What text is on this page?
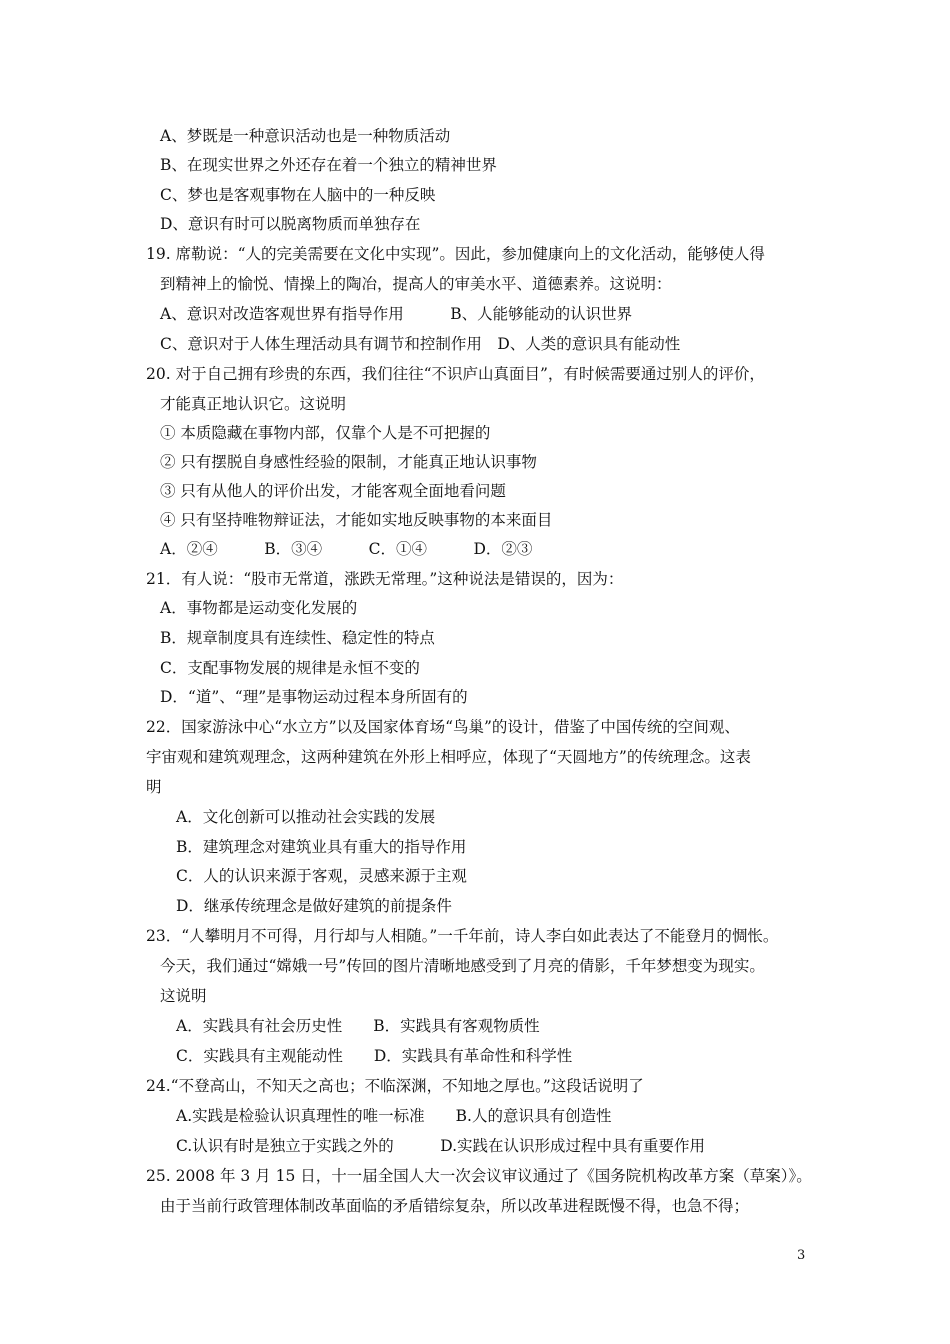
A、梦既是一种意识活动也是一种物质活动
B、在现实世界之外还存在着一个独立的精神世界
C、梦也是客观事物在人脑中的一种反映
D、意识有时可以脱离物质而单独存在
19. 席勒说：“人的完美需要在文化中实现”。因此，参加健康向上的文化活动，能够使人得
到精神上的愉悦、情操上的陶冶，提高人的审美水平、道德素养。这说明：
A、意识对改造客观世界有指导作用　　　B、人能够能动的认识世界
C、意识对于人体生理活动具有调节和控制作用　D、人类的意识具有能动性
20. 对于自己拥有珍贵的东西，我们往往“不识庐山真面目”，有时候需要通过别人的评价，
才能真正地认识它。这说明
① 本质隐藏在事物内部，仅靠个人是不可把握的
② 只有摆脱自身感性经验的限制，才能真正地认识事物
③ 只有从他人的评价出发，才能客观全面地看问题
④ 只有坚持唯物辩证法，才能如实地反映事物的本来面目
A．②④　　　B．③④　　　C．①④　　　D．②③
21．有人说：“股市无常道，涨跌无常理。”这种说法是错误的，因为：
A．事物都是运动变化发展的
B．规章制度具有连续性、稳定性的特点
C．支配事物发展的规律是永恒不变的
D．“道”、“理”是事物运动过程本身所固有的
22．国家游泳中心“水立方”以及国家体育场“鸟巢”的设计，借鉴了中国传统的空间观、
宇宙观和建筑观理念，这两种建筑在外形上相呼应，体现了“天圆地方”的传统理念。这表
明
A．文化创新可以推动社会实践的发展
B．建筑理念对建筑业具有重大的指导作用
C．人的认识来源于客观，灵感来源于主观
D．继承传统理念是做好建筑的前提条件
23．“人攀明月不可得，月行却与人相随。”一千年前，诗人李白如此表达了不能登月的惆怅。
今天，我们通过“嫦娥一号”传回的图片清晰地感受到了月亮的倩影，千年梦想变为现实。
这说明
A．实践具有社会历史性　　B．实践具有客观物质性
C．实践具有主观能动性　　D．实践具有革命性和科学性
24.“不登高山，不知天之高也；不临深渊，不知地之厚也。”这段话说明了
A.实践是检验认识真理性的唯一标准　　B.人的意识具有创造性
C.认识有时是独立于实践之外的　　　D.实践在认识形成过程中具有重要作用
25. 2008 年 3 月 15 日，十一届全国人大一次会议审议通过了《国务院机构改革方案（草案）》。
由于当前行政管理体制改革面临的矛盾错综复杂，所以改革进程既慢不得，也急不得；
3
